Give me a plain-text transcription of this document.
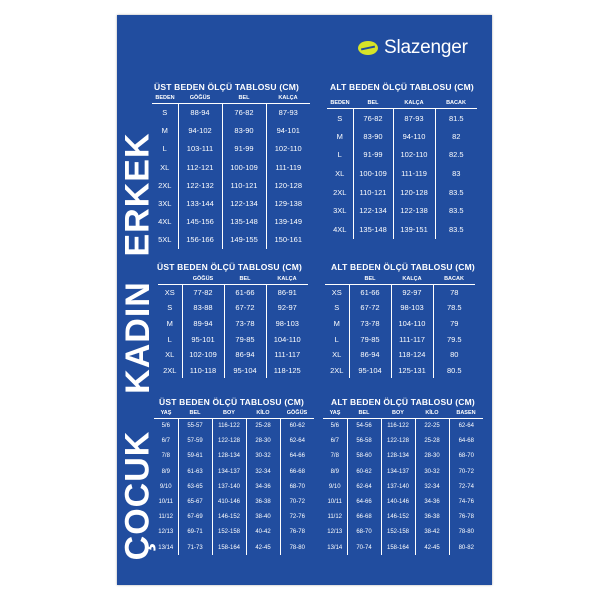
Slazenger
ERKEK
KADIN
ÇOCUK
ÜST BEDEN ÖLÇÜ TABLOSU (CM)
BEDEN	GÖĞÜS	BEL	KALÇA
S	88-94	76-82	87-93
M	94-102	83-90	94-101
L	103-111	91-99	102-110
XL	112-121	100-109	111-119
2XL	122-132	110-121	120-128
3XL	133-144	122-134	129-138
4XL	145-156	135-148	139-149
5XL	156-166	149-155	150-161
ALT BEDEN ÖLÇÜ TABLOSU (CM)
BEDEN	BEL	KALÇA	BACAK
S	76-82	87-93	81.5
M	83-90	94-110	82
L	91-99	102-110	82.5
XL	100-109	111-119	83
2XL	110-121	120-128	83.5
3XL	122-134	122-138	83.5
4XL	135-148	139-151	83.5
ÜST BEDEN ÖLÇÜ TABLOSU (CM)
	GÖĞÜS	BEL	KALÇA
XS	77-82	61-66	86-91
S	83-88	67-72	92-97
M	89-94	73-78	98-103
L	95-101	79-85	104-110
XL	102-109	86-94	111-117
2XL	110-118	95-104	118-125
ALT BEDEN ÖLÇÜ TABLOSU (CM)
	BEL	KALÇA	BACAK
XS	61-66	92-97	78
S	67-72	98-103	78.5
M	73-78	104-110	79
L	79-85	111-117	79.5
XL	86-94	118-124	80
2XL	95-104	125-131	80.5
ÜST BEDEN ÖLÇÜ TABLOSU (CM)
YAŞ	BEL	BOY	KİLO	GÖĞÜS
5/6	55-57	116-122	25-28	60-62
6/7	57-59	122-128	28-30	62-64
7/8	59-61	128-134	30-32	64-66
8/9	61-63	134-137	32-34	66-68
9/10	63-65	137-140	34-36	68-70
10/11	65-67	410-146	36-38	70-72
11/12	67-69	146-152	38-40	72-76
12/13	69-71	152-158	40-42	76-78
13/14	71-73	158-164	42-45	78-80
ALT BEDEN ÖLÇÜ TABLOSU (CM)
YAŞ	BEL	BOY	KİLO	BASEN
5/6	54-56	116-122	22-25	62-64
6/7	56-58	122-128	25-28	64-68
7/8	58-60	128-134	28-30	68-70
8/9	60-62	134-137	30-32	70-72
9/10	62-64	137-140	32-34	72-74
10/11	64-66	140-146	34-36	74-76
11/12	66-68	146-152	36-38	76-78
12/13	68-70	152-158	38-42	78-80
13/14	70-74	158-164	42-45	80-82
